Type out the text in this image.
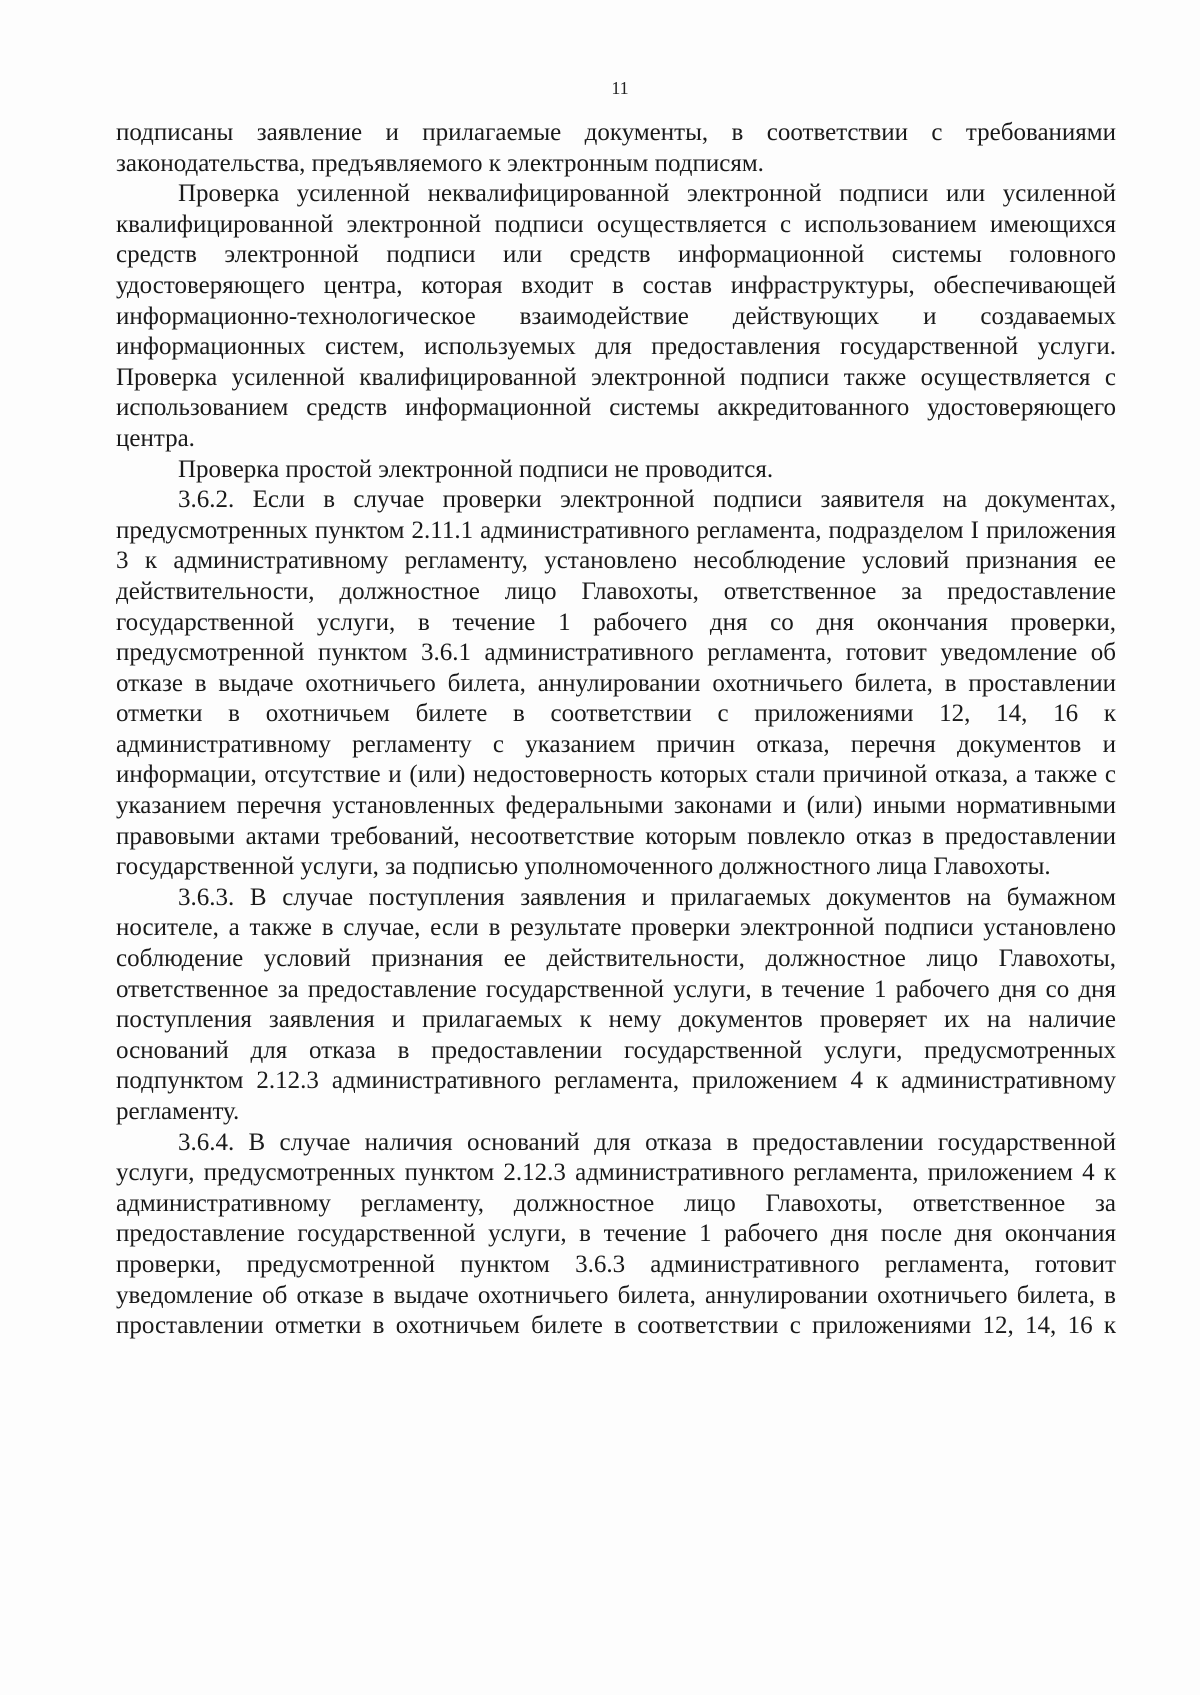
11

подписаны заявление и прилагаемые документы, в соответствии с требованиями законодательства, предъявляемого к электронным подписям.

Проверка усиленной неквалифицированной электронной подписи или усиленной квалифицированной электронной подписи осуществляется с использованием имеющихся средств электронной подписи или средств информационной системы головного удостоверяющего центра, которая входит в состав инфраструктуры, обеспечивающей информационно-технологическое взаимодействие действующих и создаваемых информационных систем, используемых для предоставления государственной услуги. Проверка усиленной квалифицированной электронной подписи также осуществляется с использованием средств информационной системы аккредитованного удостоверяющего центра.

Проверка простой электронной подписи не проводится.

3.6.2. Если в случае проверки электронной подписи заявителя на документах, предусмотренных пунктом 2.11.1 административного регламента, подразделом I приложения 3 к административному регламенту, установлено несоблюдение условий признания ее действительности, должностное лицо Главохоты, ответственное за предоставление государственной услуги, в течение 1 рабочего дня со дня окончания проверки, предусмотренной пунктом 3.6.1 административного регламента, готовит уведомление об отказе в выдаче охотничьего билета, аннулировании охотничьего билета, в проставлении отметки в охотничьем билете в соответствии с приложениями 12, 14, 16 к административному регламенту с указанием причин отказа, перечня документов и информации, отсутствие и (или) недостоверность которых стали причиной отказа, а также с указанием перечня установленных федеральными законами и (или) иными нормативными правовыми актами требований, несоответствие которым повлекло отказ в предоставлении государственной услуги, за подписью уполномоченного должностного лица Главохоты.

3.6.3. В случае поступления заявления и прилагаемых документов на бумажном носителе, а также в случае, если в результате проверки электронной подписи установлено соблюдение условий признания ее действительности, должностное лицо Главохоты, ответственное за предоставление государственной услуги, в течение 1 рабочего дня со дня поступления заявления и прилагаемых к нему документов проверяет их на наличие оснований для отказа в предоставлении государственной услуги, предусмотренных подпунктом 2.12.3 административного регламента, приложением 4 к административному регламенту.

3.6.4. В случае наличия оснований для отказа в предоставлении государственной услуги, предусмотренных пунктом 2.12.3 административного регламента, приложением 4 к административному регламенту, должностное лицо Главохоты, ответственное за предоставление государственной услуги, в течение 1 рабочего дня после дня окончания проверки, предусмотренной пунктом 3.6.3 административного регламента, готовит уведомление об отказе в выдаче охотничьего билета, аннулировании охотничьего билета, в проставлении отметки в охотничьем билете в соответствии с приложениями 12, 14, 16 к
